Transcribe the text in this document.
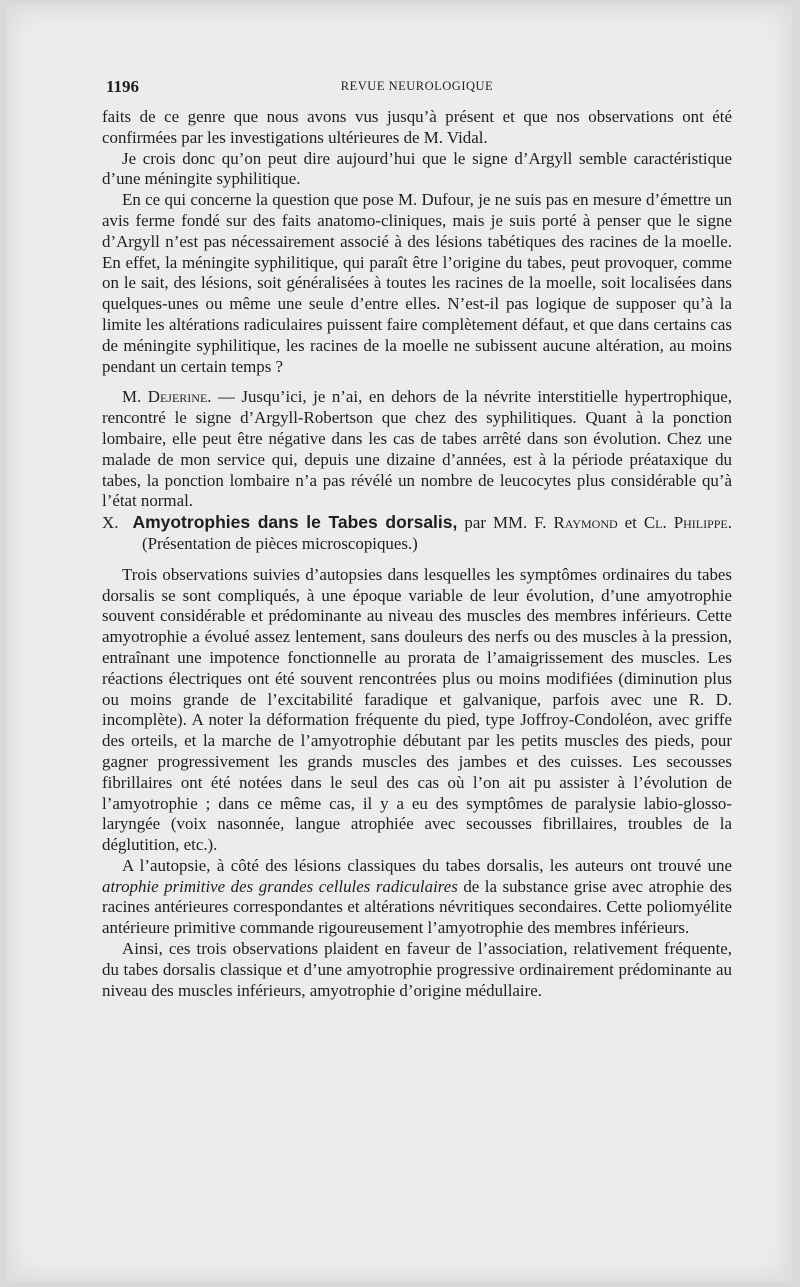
1196	REVUE NEUROLOGIQUE

faits de ce genre que nous avons vus jusqu’à présent et que nos observations ont été confirmées par les investigations ultérieures de M. Vidal.

Je crois donc qu’on peut dire aujourd’hui que le signe d’Argyll semble caractéristique d’une méningite syphilitique.

En ce qui concerne la question que pose M. Dufour, je ne suis pas en mesure d’émettre un avis ferme fondé sur des faits anatomo-cliniques, mais je suis porté à penser que le signe d’Argyll n’est pas nécessairement associé à des lésions tabétiques des racines de la moelle. En effet, la méningite syphilitique, qui paraît être l’origine du tabes, peut provoquer, comme on le sait, des lésions, soit généralisées à toutes les racines de la moelle, soit localisées dans quelques-unes ou même une seule d’entre elles. N’est-il pas logique de supposer qu’à la limite les altérations radiculaires puissent faire complètement défaut, et que dans certains cas de méningite syphilitique, les racines de la moelle ne subissent aucune altération, au moins pendant un certain temps ?

M. Dejerine. — Jusqu’ici, je n’ai, en dehors de la névrite interstitielle hypertrophique, rencontré le signe d’Argyll-Robertson que chez des syphilitiques. Quant à la ponction lombaire, elle peut être négative dans les cas de tabes arrêté dans son évolution. Chez une malade de mon service qui, depuis une dizaine d’années, est à la période préataxique du tabes, la ponction lombaire n’a pas révélé un nombre de leucocytes plus considérable qu’à l’état normal.

X. Amyotrophies dans le Tabes dorsalis, par MM. F. Raymond et Cl. Philippe. (Présentation de pièces microscopiques.)

Trois observations suivies d’autopsies dans lesquelles les symptômes ordinaires du tabes dorsalis se sont compliqués, à une époque variable de leur évolution, d’une amyotrophie souvent considérable et prédominante au niveau des muscles des membres inférieurs. Cette amyotrophie a évolué assez lentement, sans douleurs des nerfs ou des muscles à la pression, entraînant une impotence fonctionnelle au prorata de l’amaigrissement des muscles. Les réactions électriques ont été souvent rencontrées plus ou moins modifiées (diminution plus ou moins grande de l’excitabilité faradique et galvanique, parfois avec une R. D. incomplète). A noter la déformation fréquente du pied, type Joffroy-Condoléon, avec griffe des orteils, et la marche de l’amyotrophie débutant par les petits muscles des pieds, pour gagner progressivement les grands muscles des jambes et des cuisses. Les secousses fibrillaires ont été notées dans le seul des cas où l’on ait pu assister à l’évolution de l’amyotrophie ; dans ce même cas, il y a eu des symptômes de paralysie labio-glosso-laryngée (voix nasonnée, langue atrophiée avec secousses fibrillaires, troubles de la déglutition, etc.).

A l’autopsie, à côté des lésions classiques du tabes dorsalis, les auteurs ont trouvé une atrophie primitive des grandes cellules radiculaires de la substance grise avec atrophie des racines antérieures correspondantes et altérations névritiques secondaires. Cette poliomyélite antérieure primitive commande rigoureusement l’amyotrophie des membres inférieurs.

Ainsi, ces trois observations plaident en faveur de l’association, relativement fréquente, du tabes dorsalis classique et d’une amyotrophie progressive ordinairement prédominante au niveau des muscles inférieurs, amyotrophie d’origine médullaire.
